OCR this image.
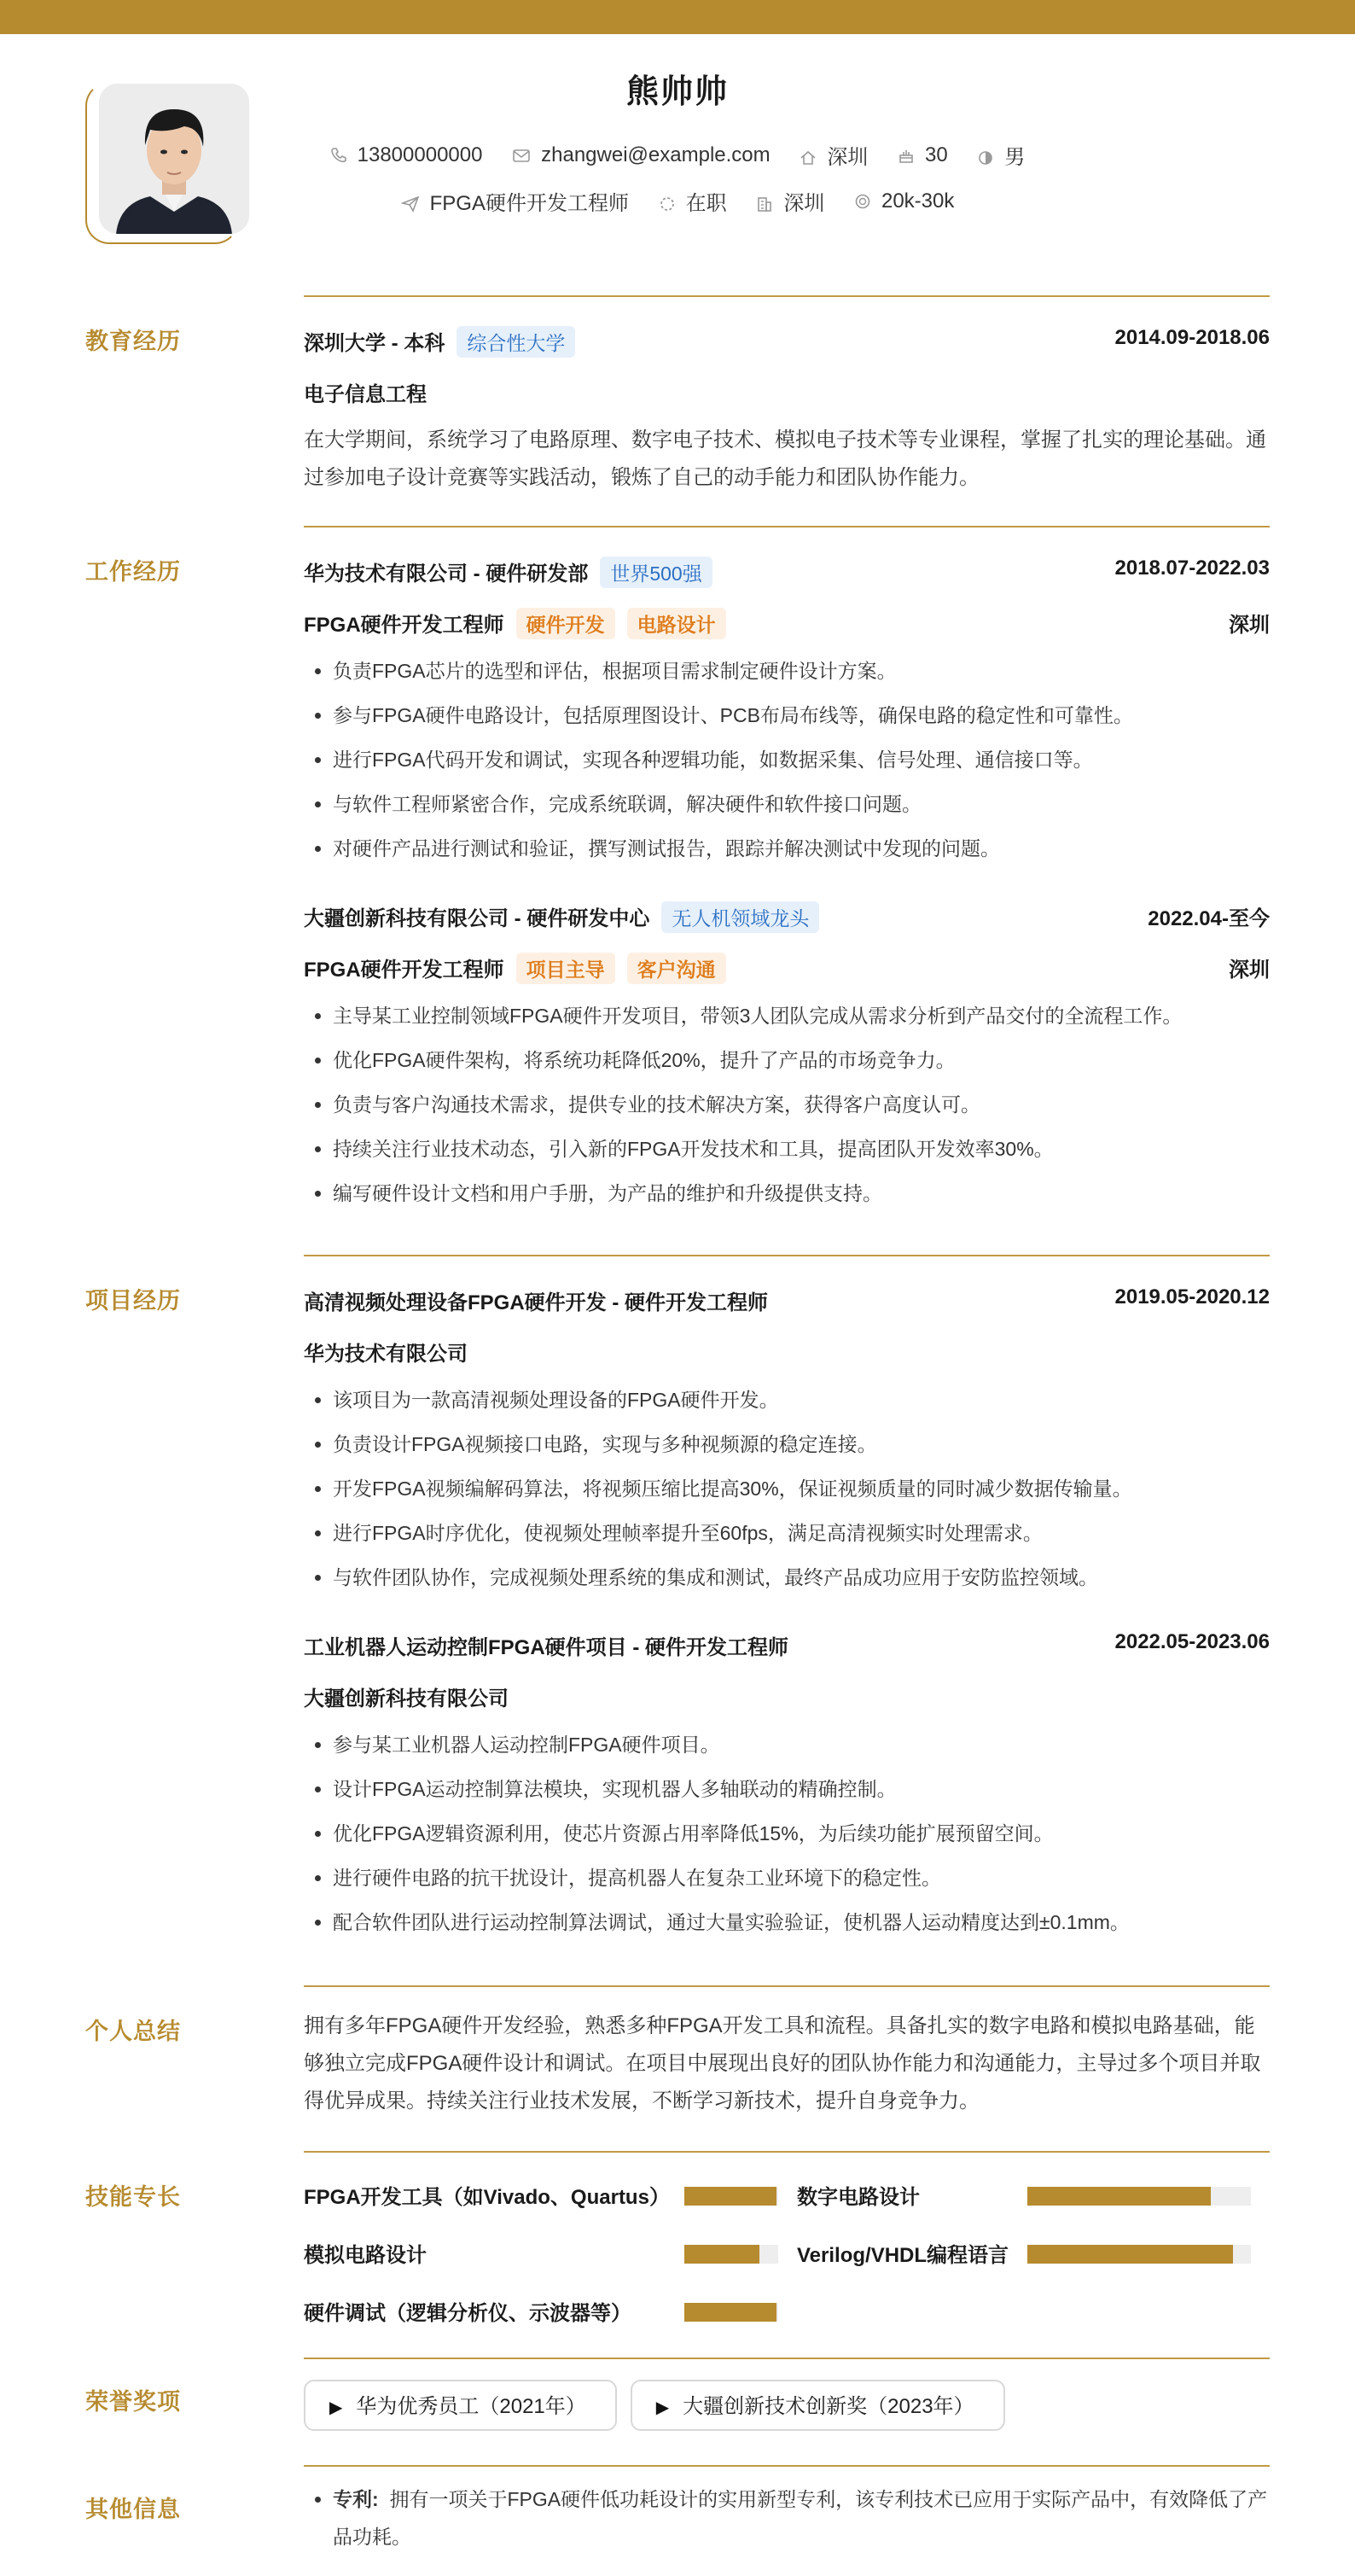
熊帅帅
13800000000	zhangwei@example.com	深圳	30	男
FPGA硬件开发工程师	在职	深圳	20k-30k
教育经历	深圳大学 - 本科 综合性大学	2014.09-2018.06
电子信息工程
在大学期间，系统学习了电路原理、数字电子技术、模拟电子技术等专业课程，掌握了扎实的理论基础。通过参加电子设计竞赛等实践活动，锻炼了自己的动手能力和团队协作能力。
工作经历	华为技术有限公司 - 硬件研发部 世界500强	2018.07-2022.03
FPGA硬件开发工程师 硬件开发 电路设计	深圳
• 负责FPGA芯片的选型和评估，根据项目需求制定硬件设计方案。
• 参与FPGA硬件电路设计，包括原理图设计、PCB布局布线等，确保电路的稳定性和可靠性。
• 进行FPGA代码开发和调试，实现各种逻辑功能，如数据采集、信号处理、通信接口等。
• 与软件工程师紧密合作，完成系统联调，解决硬件和软件接口问题。
• 对硬件产品进行测试和验证，撰写测试报告，跟踪并解决测试中发现的问题。
大疆创新科技有限公司 - 硬件研发中心 无人机领域龙头	2022.04-至今
FPGA硬件开发工程师 项目主导 客户沟通	深圳
• 主导某工业控制领域FPGA硬件开发项目，带领3人团队完成从需求分析到产品交付的全流程工作。
• 优化FPGA硬件架构，将系统功耗降低20%，提升了产品的市场竞争力。
• 负责与客户沟通技术需求，提供专业的技术解决方案，获得客户高度认可。
• 持续关注行业技术动态，引入新的FPGA开发技术和工具，提高团队开发效率30%。
• 编写硬件设计文档和用户手册，为产品的维护和升级提供支持。
项目经历	高清视频处理设备FPGA硬件开发 - 硬件开发工程师	2019.05-2020.12
华为技术有限公司
• 该项目为一款高清视频处理设备的FPGA硬件开发。
• 负责设计FPGA视频接口电路，实现与多种视频源的稳定连接。
• 开发FPGA视频编解码算法，将视频压缩比提高30%，保证视频质量的同时减少数据传输量。
• 进行FPGA时序优化，使视频处理帧率提升至60fps，满足高清视频实时处理需求。
• 与软件团队协作，完成视频处理系统的集成和测试，最终产品成功应用于安防监控领域。
工业机器人运动控制FPGA硬件项目 - 硬件开发工程师	2022.05-2023.06
大疆创新科技有限公司
• 参与某工业机器人运动控制FPGA硬件项目。
• 设计FPGA运动控制算法模块，实现机器人多轴联动的精确控制。
• 优化FPGA逻辑资源利用，使芯片资源占用率降低15%，为后续功能扩展预留空间。
• 进行硬件电路的抗干扰设计，提高机器人在复杂工业环境下的稳定性。
• 配合软件团队进行运动控制算法调试，通过大量实验验证，使机器人运动精度达到±0.1mm。
个人总结	拥有多年FPGA硬件开发经验，熟悉多种FPGA开发工具和流程。具备扎实的数字电路和模拟电路基础，能够独立完成FPGA硬件设计和调试。在项目中展现出良好的团队协作能力和沟通能力，主导过多个项目并取得优异成果。持续关注行业技术发展，不断学习新技术，提升自身竞争力。
技能专长	FPGA开发工具（如Vivado、Quartus）	数字电路设计
模拟电路设计	Verilog/VHDL编程语言
硬件调试（逻辑分析仪、示波器等）
荣誉奖项	▶ 华为优秀员工（2021年）	▶ 大疆创新技术创新奖（2023年）
其他信息
•	专利: 拥有一项关于FPGA硬件低功耗设计的实用新型专利，该专利技术已应用于实际产品中，有效降低了产品功耗。
